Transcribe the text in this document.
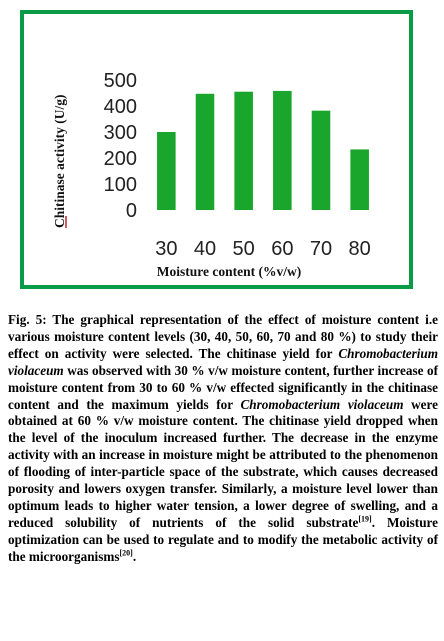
Chitinase activity (U/g)	0
100
200
300
400
500
30 40 50 60 70 80
Moisture content (%v/w)

Fig. 5: The graphical representation of the effect of moisture content i.e various moisture content levels (30, 40, 50, 60, 70 and 80 %) to study their effect on activity were selected. The chitinase yield for Chromobacterium violaceum was observed with 30 % v/w moisture content, further increase of moisture content from 30 to 60 % v/w effected significantly in the chitinase content and the maximum yields for Chromobacterium violaceum were obtained at 60 % v/w moisture content. The chitinase yield dropped when the level of the inoculum increased further. The decrease in the enzyme activity with an increase in moisture might be attributed to the phenomenon of flooding of inter-particle space of the substrate, which causes decreased porosity and lowers oxygen transfer. Similarly, a moisture level lower than optimum leads to higher water tension, a lower degree of swelling, and a reduced solubility of nutrients of the solid substrate[19]. Moisture optimization can be used to regulate and to modify the metabolic activity of the microorganisms[20].
